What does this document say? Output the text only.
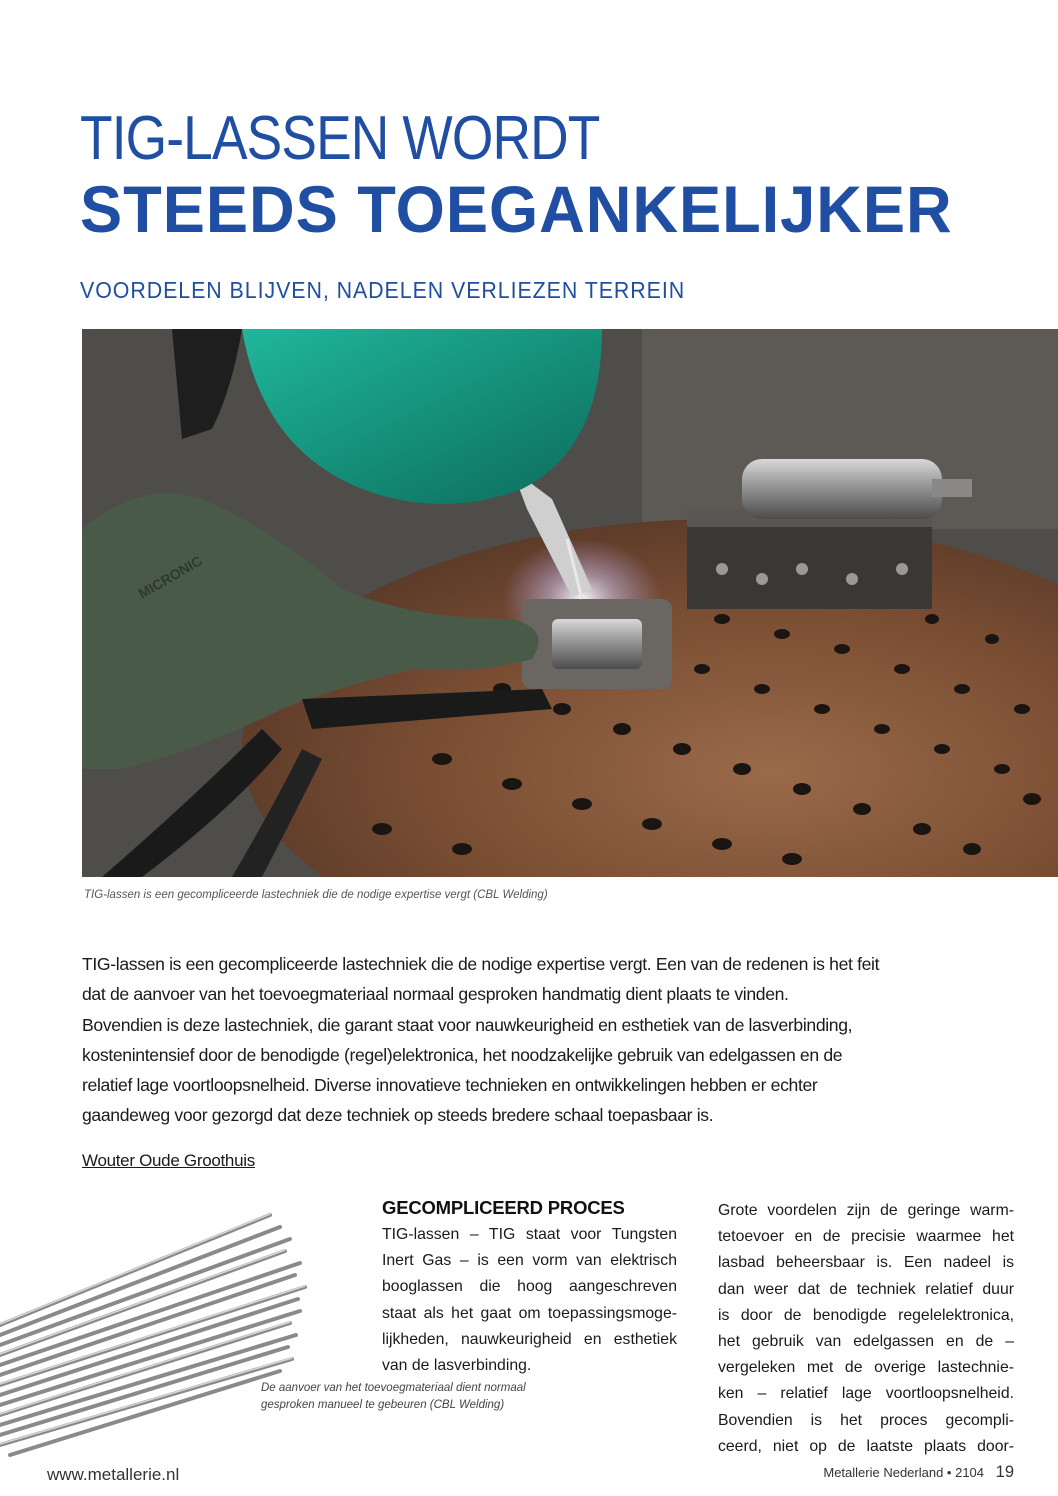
TIG-LASSEN WORDT
STEEDS TOEGANKELIJKER
VOORDELEN BLIJVEN, NADELEN VERLIEZEN TERREIN
MICRONIC
TIG-lassen is een gecompliceerde lastechniek die de nodige expertise vergt (CBL Welding)

TIG-lassen is een gecompliceerde lastechniek die de nodige expertise vergt. Een van de redenen is het feit

dat de aanvoer van het toevoegmateriaal normaal gesproken handmatig dient plaats te vinden.

Bovendien is deze lastechniek, die garant staat voor nauwkeurigheid en esthetiek van de lasverbinding,

kostenintensief door de benodigde (regel)elektronica, het noodzakelijke gebruik van edelgassen en de

relatief lage voortloopsnelheid. Diverse innovatieve technieken en ontwikkelingen hebben er echter

gaandeweg voor gezorgd dat deze techniek op steeds bredere schaal toepasbaar is.

Wouter Oude Groothuis
De aanvoer van het toevoegmateriaal dient normaal
gesproken manueel te gebeuren (CBL Welding)
GECOMPLICEERD PROCES
TIG-lassen – TIG staat voor Tungsten
Inert Gas – is een vorm van elektrisch
booglassen die hoog aangeschreven
staat als het gaat om toepassingsmoge-
lijkheden, nauwkeurigheid en esthetiek
van de lasverbinding.
Grote voordelen zijn de geringe warm-
tetoevoer en de precisie waarmee het
lasbad beheersbaar is. Een nadeel is
dan weer dat de techniek relatief duur
is door de benodigde regelelektronica,
het gebruik van edelgassen en de –
vergeleken met de overige lastechnie-
ken – relatief lage voortloopsnelheid.
Bovendien is het proces gecompli-
ceerd, niet op de laatste plaats door-
www.metallerie.nl	Metallerie Nederland • 2104 19
